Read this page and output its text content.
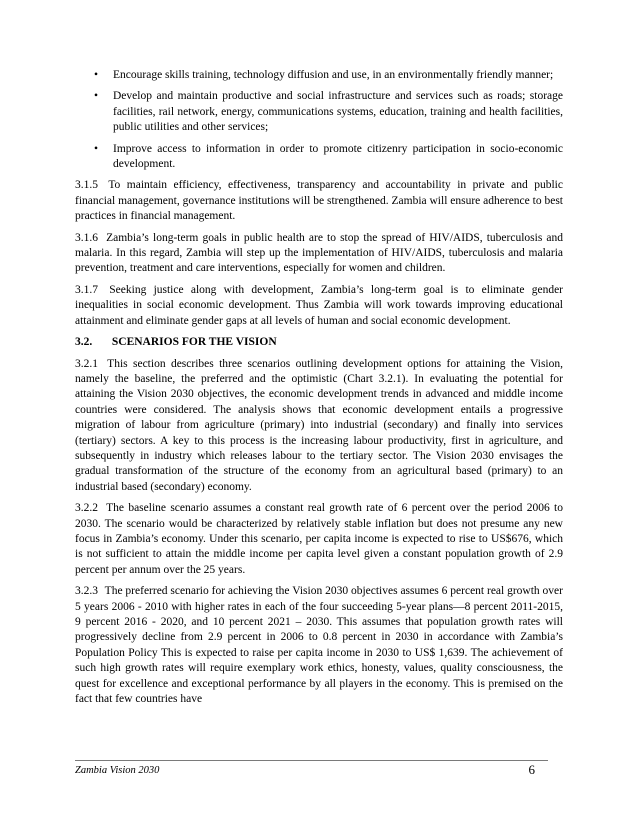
• Encourage skills training, technology diffusion and use, in an environmentally friendly manner;
• Develop and maintain productive and social infrastructure and services such as roads; storage facilities, rail network, energy, communications systems, education, training and health facilities, public utilities and other services;
• Improve access to information in order to promote citizenry participation in socio-economic development.

3.1.5 To maintain efficiency, effectiveness, transparency and accountability in private and public financial management, governance institutions will be strengthened. Zambia will ensure adherence to best practices in financial management.

3.1.6 Zambia’s long-term goals in public health are to stop the spread of HIV/AIDS, tuberculosis and malaria. In this regard, Zambia will step up the implementation of HIV/AIDS, tuberculosis and malaria prevention, treatment and care interventions, especially for women and children.

3.1.7 Seeking justice along with development, Zambia’s long-term goal is to eliminate gender inequalities in social economic development. Thus Zambia will work towards improving educational attainment and eliminate gender gaps at all levels of human and social economic development.

3.2. SCENARIOS FOR THE VISION

3.2.1 This section describes three scenarios outlining development options for attaining the Vision, namely the baseline, the preferred and the optimistic (Chart 3.2.1). In evaluating the potential for attaining the Vision 2030 objectives, the economic development trends in advanced and middle income countries were considered. The analysis shows that economic development entails a progressive migration of labour from agriculture (primary) into industrial (secondary) and finally into services (tertiary) sectors. A key to this process is the increasing labour productivity, first in agriculture, and subsequently in industry which releases labour to the tertiary sector. The Vision 2030 envisages the gradual transformation of the structure of the economy from an agricultural based (primary) to an industrial based (secondary) economy.

3.2.2 The baseline scenario assumes a constant real growth rate of 6 percent over the period 2006 to 2030. The scenario would be characterized by relatively stable inflation but does not presume any new focus in Zambia’s economy. Under this scenario, per capita income is expected to rise to US$676, which is not sufficient to attain the middle income per capita level given a constant population growth of 2.9 percent per annum over the 25 years.

3.2.3 The preferred scenario for achieving the Vision 2030 objectives assumes 6 percent real growth over 5 years 2006 - 2010 with higher rates in each of the four succeeding 5-year plans—8 percent 2011-2015, 9 percent 2016 - 2020, and 10 percent 2021 – 2030. This assumes that population growth rates will progressively decline from 2.9 percent in 2006 to 0.8 percent in 2030 in accordance with Zambia’s Population Policy This is expected to raise per capita income in 2030 to US$ 1,639. The achievement of such high growth rates will require exemplary work ethics, honesty, values, quality consciousness, the quest for excellence and exceptional performance by all players in the economy. This is premised on the fact that few countries have

Zambia Vision 2030	6
